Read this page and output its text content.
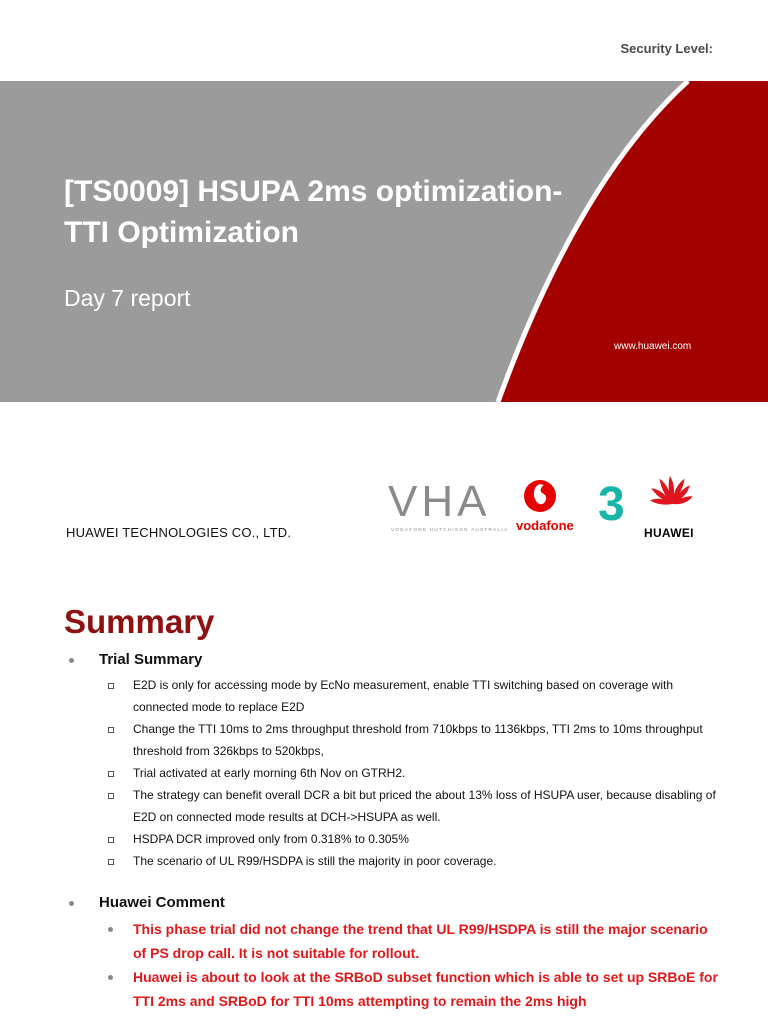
Security Level:
[TS0009] HSUPA 2ms optimization- TTI Optimization
Day 7 report
www.huawei.com
HUAWEI TECHNOLOGIES CO., LTD.
VHA
VODAFONE HUTCHISON AUSTRALIA vodafone 3
HUAWEI
Summary
Trial Summary
E2D is only for accessing mode by EcNo measurement, enable TTI switching based on coverage with connected mode to replace E2D
Change the TTI 10ms to 2ms throughput threshold from 710kbps to 1136kbps, TTI 2ms to 10ms throughput threshold from 326kbps to 520kbps,
Trial activated at early morning 6th Nov on GTRH2.
The strategy can benefit overall DCR a bit but priced the about 13% loss of HSUPA user, because disabling of E2D on connected mode results at DCH->HSUPA as well.
HSDPA DCR improved only from 0.318% to 0.305%
The scenario of UL R99/HSDPA is still the majority in poor coverage.
Huawei Comment
This phase trial did not change the trend that UL R99/HSDPA is still the major scenario of PS drop call. It is not suitable for rollout.
Huawei is about to look at the SRBoD subset function which is able to set up SRBoE for TTI 2ms and SRBoD for TTI 10ms attempting to remain the 2ms high
